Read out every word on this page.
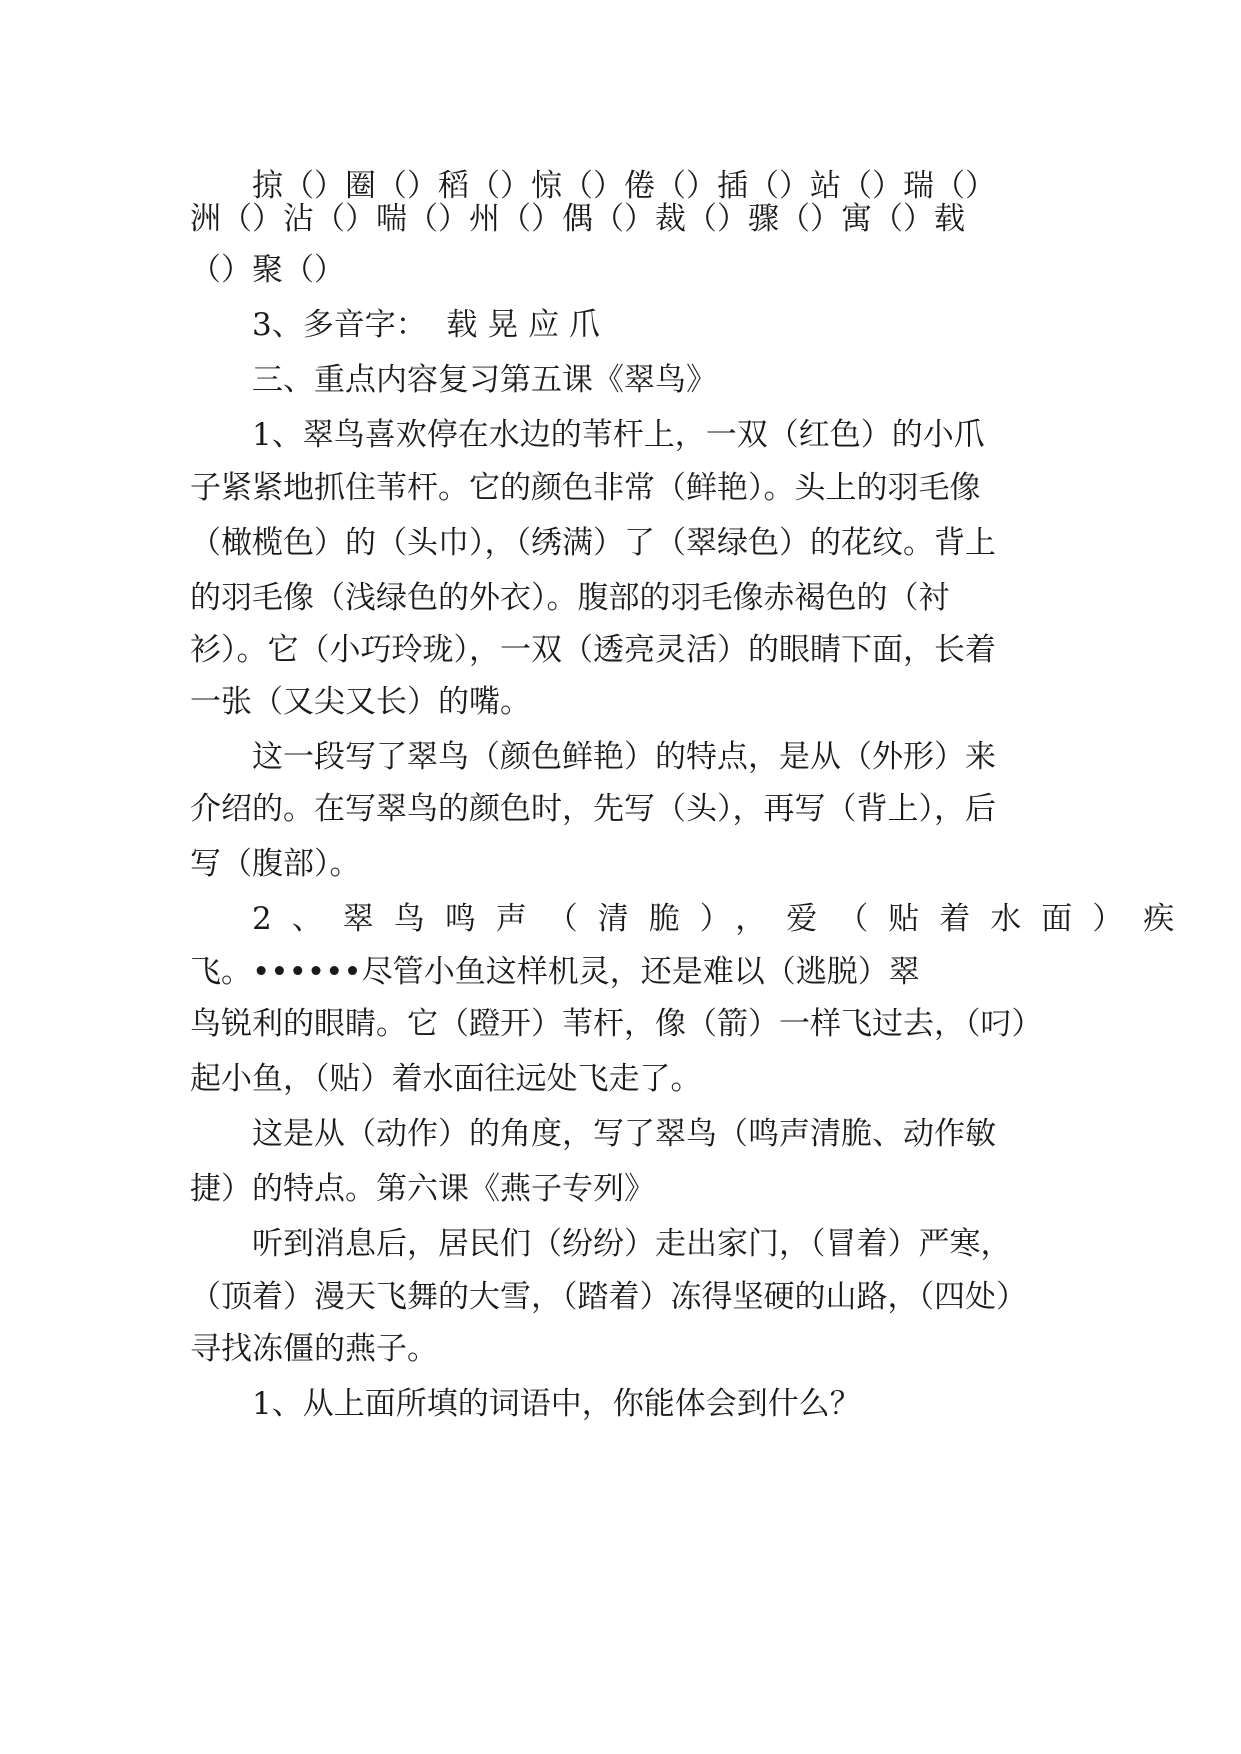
掠（）圈（）稻（）惊（）倦（）插（）站（）瑞（）

洲（）沾（）喘（）州（）偶（）裁（）骤（）寓（）载

（）聚（）

3、多音字：  载 晃 应 爪

三、重点内容复习第五课《翠鸟》

1、翠鸟喜欢停在水边的苇杆上，一双（红色）的小爪

子紧紧地抓住苇杆。它的颜色非常（鲜艳）。头上的羽毛像

（橄榄色）的（头巾），（绣满）了（翠绿色）的花纹。背上

的羽毛像（浅绿色的外衣）。腹部的羽毛像赤褐色的（衬

衫）。它（小巧玲珑），一双（透亮灵活）的眼睛下面，长着

一张（又尖又长）的嘴。

这一段写了翠鸟（颜色鲜艳）的特点，是从（外形）来

介绍的。在写翠鸟的颜色时，先写（头），再写（背上），后

写（腹部）。

2、翠鸟鸣声（清脆），爱（贴着水面）疾

飞。••••••尽管小鱼这样机灵，还是难以（逃脱）翠

鸟锐利的眼睛。它（蹬开）苇杆，像（箭）一样飞过去，（叼）

起小鱼，（贴）着水面往远处飞走了。

这是从（动作）的角度，写了翠鸟（鸣声清脆、动作敏

捷）的特点。第六课《燕子专列》

听到消息后，居民们（纷纷）走出家门，（冒着）严寒，

（顶着）漫天飞舞的大雪，（踏着）冻得坚硬的山路，（四处）

寻找冻僵的燕子。

1、从上面所填的词语中，你能体会到什么？
